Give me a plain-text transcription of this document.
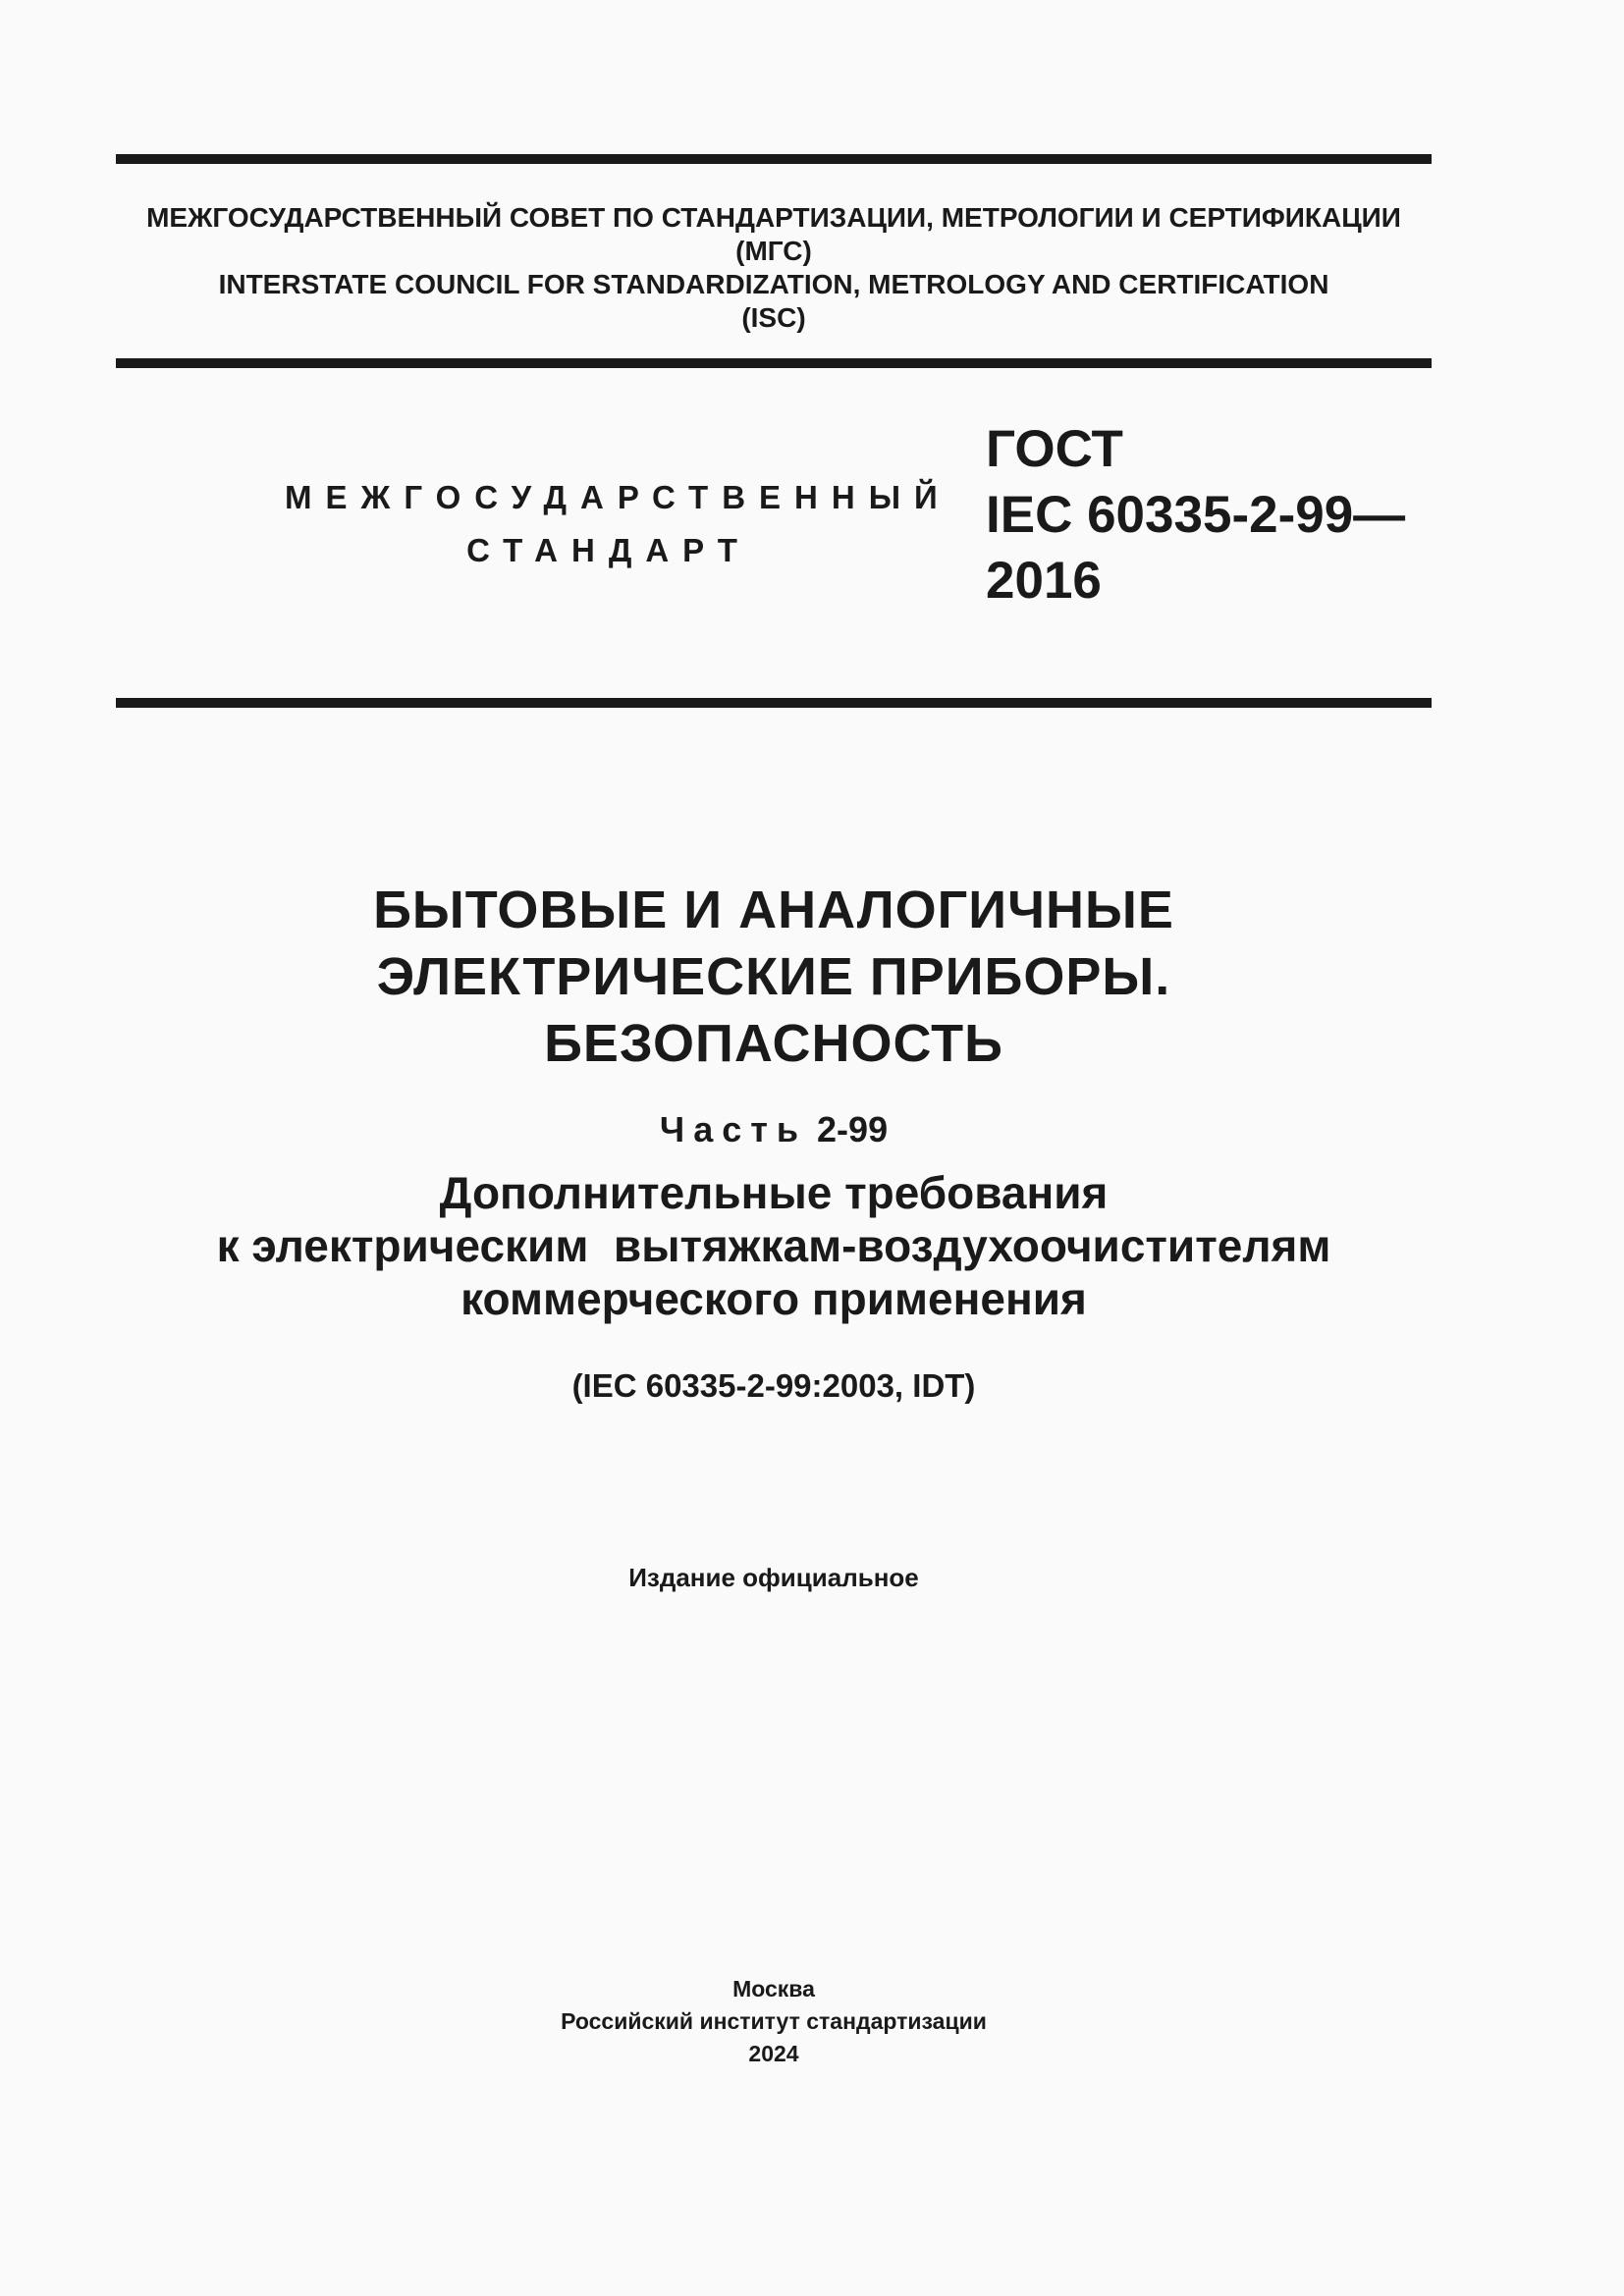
МЕЖГОСУДАРСТВЕННЫЙ СОВЕТ ПО СТАНДАРТИЗАЦИИ, МЕТРОЛОГИИ И СЕРТИФИКАЦИИ
(МГС)
INTERSTATE COUNCIL FOR STANDARDIZATION, METROLOGY AND CERTIFICATION
(ISC)
МЕЖГОСУДАРСТВЕННЫЙ
СТАНДАРТ
ГОСТ
IEC 60335-2-99—
2016
БЫТОВЫЕ И АНАЛОГИЧНЫЕ
ЭЛЕКТРИЧЕСКИЕ ПРИБОРЫ.
БЕЗОПАСНОСТЬ
Часть 2-99
Дополнительные требования
к электрическим  вытяжкам-воздухоочистителям
коммерческого применения
(IEC 60335-2-99:2003, IDT)
Издание официальное
Москва
Российский институт стандартизации
2024
